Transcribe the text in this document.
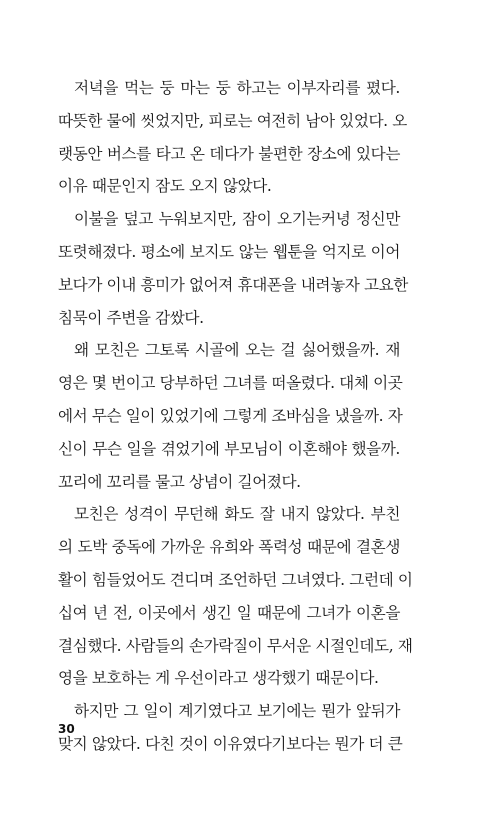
저녁을 먹는 둥 마는 둥 하고는 이부자리를 폈다.
따뜻한 물에 씻었지만, 피로는 여전히 남아 있었다. 오
랫동안 버스를 타고 온 데다가 불편한 장소에 있다는
이유 때문인지 잠도 오지 않았다.

이불을 덮고 누워보지만, 잠이 오기는커녕 정신만
또렷해졌다. 평소에 보지도 않는 웹툰을 억지로 이어
보다가 이내 흥미가 없어져 휴대폰을 내려놓자 고요한
침묵이 주변을 감쌌다.

왜 모친은 그토록 시골에 오는 걸 싫어했을까. 재
영은 몇 번이고 당부하던 그녀를 떠올렸다. 대체 이곳
에서 무슨 일이 있었기에 그렇게 조바심을 냈을까. 자
신이 무슨 일을 겪었기에 부모님이 이혼해야 했을까.
꼬리에 꼬리를 물고 상념이 길어졌다.

모친은 성격이 무던해 화도 잘 내지 않았다. 부친
의 도박 중독에 가까운 유희와 폭력성 때문에 결혼생
활이 힘들었어도 견디며 조언하던 그녀였다. 그런데 이
십여 년 전, 이곳에서 생긴 일 때문에 그녀가 이혼을
결심했다. 사람들의 손가락질이 무서운 시절인데도, 재
영을 보호하는 게 우선이라고 생각했기 때문이다.

하지만 그 일이 계기였다고 보기에는 뭔가 앞뒤가
맞지 않았다. 다친 것이 이유였다기보다는 뭔가 더 큰

30
